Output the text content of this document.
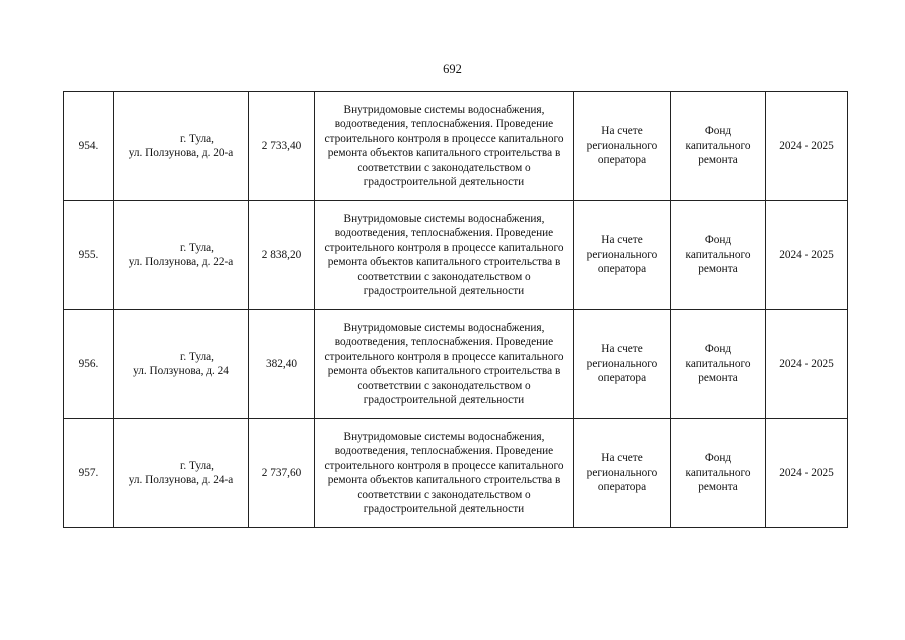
692
954.	г. Тула,
ул. Ползунова, д. 20-а	2 733,40	Внутридомовые системы водоснабжения, водоотведения, теплоснабжения. Проведение строительного контроля в процессе капитального ремонта объектов капитального строительства в соответствии с законодательством о градостроительной деятельности	На счете регионального оператора	Фонд капитального ремонта	2024 - 2025
955.	г. Тула,
ул. Ползунова, д. 22-а	2 838,20	Внутридомовые системы водоснабжения, водоотведения, теплоснабжения. Проведение строительного контроля в процессе капитального ремонта объектов капитального строительства в соответствии с законодательством о градостроительной деятельности	На счете регионального оператора	Фонд капитального ремонта	2024 - 2025
956.	г. Тула,
ул. Ползунова, д. 24	382,40	Внутридомовые системы водоснабжения, водоотведения, теплоснабжения. Проведение строительного контроля в процессе капитального ремонта объектов капитального строительства в соответствии с законодательством о градостроительной деятельности	На счете регионального оператора	Фонд капитального ремонта	2024 - 2025
957.	г. Тула,
ул. Ползунова, д. 24-а	2 737,60	Внутридомовые системы водоснабжения, водоотведения, теплоснабжения. Проведение строительного контроля в процессе капитального ремонта объектов капитального строительства в соответствии с законодательством о градостроительной деятельности	На счете регионального оператора	Фонд капитального ремонта	2024 - 2025
